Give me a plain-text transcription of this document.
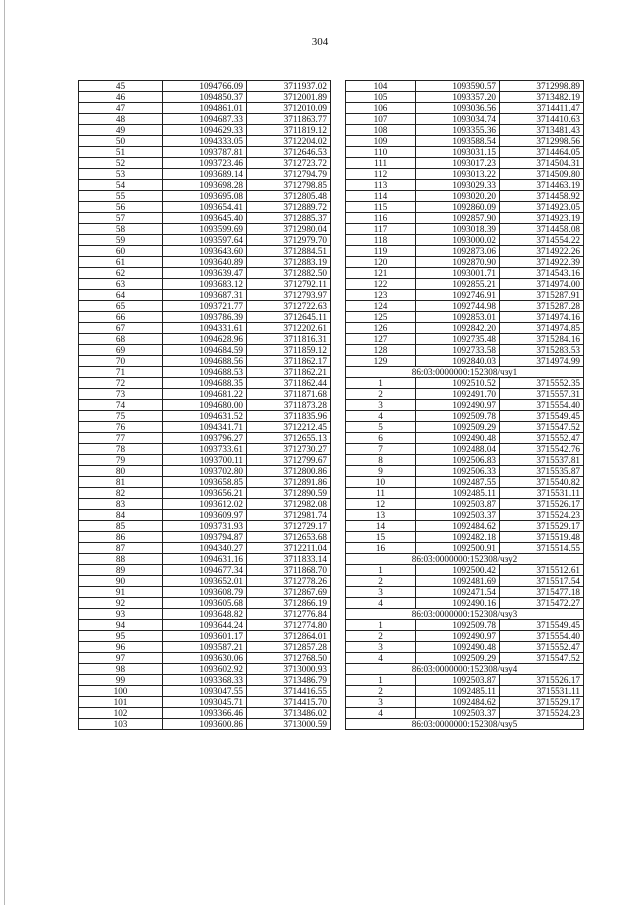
304
45	1094766.09	3711937.02
46	1094850.37	3712001.89
47	1094861.01	3712010.09
48	1094687.33	3711863.77
49	1094629.33	3711819.12
50	1094333.05	3712204.02
51	1093787.81	3712646.53
52	1093723.46	3712723.72
53	1093689.14	3712794.79
54	1093698.28	3712798.85
55	1093695.08	3712805.48
56	1093654.41	3712889.72
57	1093645.40	3712885.37
58	1093599.69	3712980.04
59	1093597.64	3712979.70
60	1093643.60	3712884.51
61	1093640.89	3712883.19
62	1093639.47	3712882.50
63	1093683.12	3712792.11
64	1093687.31	3712793.97
65	1093721.77	3712722.63
66	1093786.39	3712645.11
67	1094331.61	3712202.61
68	1094628.96	3711816.31
69	1094684.59	3711859.12
70	1094688.56	3711862.17
71	1094688.53	3711862.21
72	1094688.35	3711862.44
73	1094681.22	3711871.68
74	1094680.00	3711873.28
75	1094631.52	3711835.96
76	1094341.71	3712212.45
77	1093796.27	3712655.13
78	1093733.61	3712730.27
79	1093700.11	3712799.67
80	1093702.80	3712800.86
81	1093658.85	3712891.86
82	1093656.21	3712890.59
83	1093612.02	3712982.08
84	1093609.97	3712981.74
85	1093731.93	3712729.17
86	1093794.87	3712653.68
87	1094340.27	3712211.04
88	1094631.16	3711833.14
89	1094677.34	3711868.70
90	1093652.01	3712778.26
91	1093608.79	3712867.69
92	1093605.68	3712866.19
93	1093648.82	3712776.84
94	1093644.24	3712774.80
95	1093601.17	3712864.01
96	1093587.21	3712857.28
97	1093630.06	3712768.50
98	1093602.92	3713000.93
99	1093368.33	3713486.79
100	1093047.55	3714416.55
101	1093045.71	3714415.70
102	1093366.46	3713486.02
103	1093600.86	3713000.59
104	1093590.57	3712998.89
105	1093357.20	3713482.19
106	1093036.56	3714411.47
107	1093034.74	3714410.63
108	1093355.36	3713481.43
109	1093588.54	3712998.56
110	1093031.15	3714464.05
111	1093017.23	3714504.31
112	1093013.22	3714509.80
113	1093029.33	3714463.19
114	1093020.20	3714458.92
115	1092860.09	3714923.05
116	1092857.90	3714923.19
117	1093018.39	3714458.08
118	1093000.02	3714554.22
119	1092873.06	3714922.26
120	1092870.90	3714922.39
121	1093001.71	3714543.16
122	1092855.21	3714974.00
123	1092746.91	3715287.91
124	1092744.98	3715287.28
125	1092853.01	3714974.16
126	1092842.20	3714974.85
127	1092735.48	3715284.16
128	1092733.58	3715283.53
129	1092840.03	3714974.99
86:03:0000000:152308/чзу1		
1	1092510.52	3715552.35
2	1092491.70	3715557.31
3	1092490.97	3715554.40
4	1092509.78	3715549.45
5	1092509.29	3715547.52
6	1092490.48	3715552.47
7	1092488.04	3715542.76
8	1092506.83	3715537.81
9	1092506.33	3715535.87
10	1092487.55	3715540.82
11	1092485.11	3715531.11
12	1092503.87	3715526.17
13	1092503.37	3715524.23
14	1092484.62	3715529.17
15	1092482.18	3715519.48
16	1092500.91	3715514.55
86:03:0000000:152308/чзу2		
1	1092500.42	3715512.61
2	1092481.69	3715517.54
3	1092471.54	3715477.18
4	1092490.16	3715472.27
86:03:0000000:152308/чзу3		
1	1092509.78	3715549.45
2	1092490.97	3715554.40
3	1092490.48	3715552.47
4	1092509.29	3715547.52
86:03:0000000:152308/чзу4		
1	1092503.87	3715526.17
2	1092485.11	3715531.11
3	1092484.62	3715529.17
4	1092503.37	3715524.23
86:03:0000000:152308/чзу5		
